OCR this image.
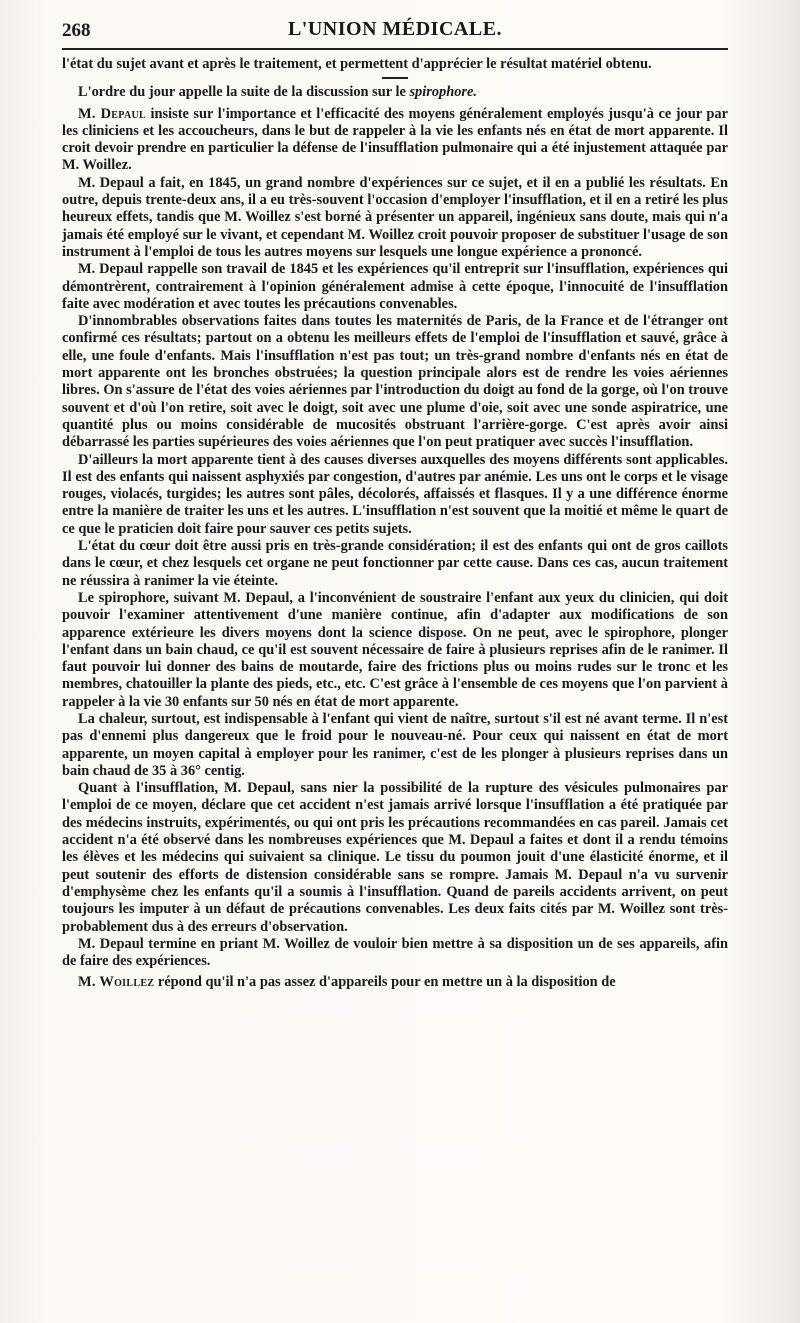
268	L'UNION MÉDICALE.

l'état du sujet avant et après le traitement, et permettent d'apprécier le résultat matériel obtenu.

L'ordre du jour appelle la suite de la discussion sur le spirophore.

M. Depaul insiste sur l'importance et l'efficacité des moyens généralement employés jusqu'à ce jour par les cliniciens et les accoucheurs, dans le but de rappeler à la vie les enfants nés en état de mort apparente. Il croit devoir prendre en particulier la défense de l'insufflation pulmonaire qui a été injustement attaquée par M. Woillez.

M. Depaul a fait, en 1845, un grand nombre d'expériences sur ce sujet, et il en a publié les résultats. En outre, depuis trente-deux ans, il a eu très-souvent l'occasion d'employer l'insufflation, et il en a retiré les plus heureux effets, tandis que M. Woillez s'est borné à présenter un appareil, ingénieux sans doute, mais qui n'a jamais été employé sur le vivant, et cependant M. Woillez croit pouvoir proposer de substituer l'usage de son instrument à l'emploi de tous les autres moyens sur lesquels une longue expérience a prononcé.

M. Depaul rappelle son travail de 1845 et les expériences qu'il entreprit sur l'insufflation, expériences qui démontrèrent, contrairement à l'opinion généralement admise à cette époque, l'innocuité de l'insufflation faite avec modération et avec toutes les précautions convenables.

D'innombrables observations faites dans toutes les maternités de Paris, de la France et de l'étranger ont confirmé ces résultats; partout on a obtenu les meilleurs effets de l'emploi de l'insufflation et sauvé, grâce à elle, une foule d'enfants. Mais l'insufflation n'est pas tout; un très-grand nombre d'enfants nés en état de mort apparente ont les bronches obstruées; la question principale alors est de rendre les voies aériennes libres. On s'assure de l'état des voies aériennes par l'introduction du doigt au fond de la gorge, où l'on trouve souvent et d'où l'on retire, soit avec le doigt, soit avec une plume d'oie, soit avec une sonde aspiratrice, une quantité plus ou moins considérable de mucosités obstruant l'arrière-gorge. C'est après avoir ainsi débarrassé les parties supérieures des voies aériennes que l'on peut pratiquer avec succès l'insufflation.

D'ailleurs la mort apparente tient à des causes diverses auxquelles des moyens différents sont applicables. Il est des enfants qui naissent asphyxiés par congestion, d'autres par anémie. Les uns ont le corps et le visage rouges, violacés, turgides; les autres sont pâles, décolorés, affaissés et flasques. Il y a une différence énorme entre la manière de traiter les uns et les autres. L'insufflation n'est souvent que la moitié et même le quart de ce que le praticien doit faire pour sauver ces petits sujets.

L'état du cœur doit être aussi pris en très-grande considération; il est des enfants qui ont de gros caillots dans le cœur, et chez lesquels cet organe ne peut fonctionner par cette cause. Dans ces cas, aucun traitement ne réussira à ranimer la vie éteinte.

Le spirophore, suivant M. Depaul, a l'inconvénient de soustraire l'enfant aux yeux du clinicien, qui doit pouvoir l'examiner attentivement d'une manière continue, afin d'adapter aux modifications de son apparence extérieure les divers moyens dont la science dispose. On ne peut, avec le spirophore, plonger l'enfant dans un bain chaud, ce qu'il est souvent nécessaire de faire à plusieurs reprises afin de le ranimer. Il faut pouvoir lui donner des bains de moutarde, faire des frictions plus ou moins rudes sur le tronc et les membres, chatouiller la plante des pieds, etc., etc. C'est grâce à l'ensemble de ces moyens que l'on parvient à rappeler à la vie 30 enfants sur 50 nés en état de mort apparente.

La chaleur, surtout, est indispensable à l'enfant qui vient de naître, surtout s'il est né avant terme. Il n'est pas d'ennemi plus dangereux que le froid pour le nouveau-né. Pour ceux qui naissent en état de mort apparente, un moyen capital à employer pour les ranimer, c'est de les plonger à plusieurs reprises dans un bain chaud de 35 à 36° centig.

Quant à l'insufflation, M. Depaul, sans nier la possibilité de la rupture des vésicules pulmonaires par l'emploi de ce moyen, déclare que cet accident n'est jamais arrivé lorsque l'insufflation a été pratiquée par des médecins instruits, expérimentés, ou qui ont pris les précautions recommandées en cas pareil. Jamais cet accident n'a été observé dans les nombreuses expériences que M. Depaul a faites et dont il a rendu témoins les élèves et les médecins qui suivaient sa clinique. Le tissu du poumon jouit d'une élasticité énorme, et il peut soutenir des efforts de distension considérable sans se rompre. Jamais M. Depaul n'a vu survenir d'emphysème chez les enfants qu'il a soumis à l'insufflation. Quand de pareils accidents arrivent, on peut toujours les imputer à un défaut de précautions convenables. Les deux faits cités par M. Woillez sont très-probablement dus à des erreurs d'observation.

M. Depaul termine en priant M. Woillez de vouloir bien mettre à sa disposition un de ses appareils, afin de faire des expériences.

M. Woillez répond qu'il n'a pas assez d'appareils pour en mettre un à la disposition de
